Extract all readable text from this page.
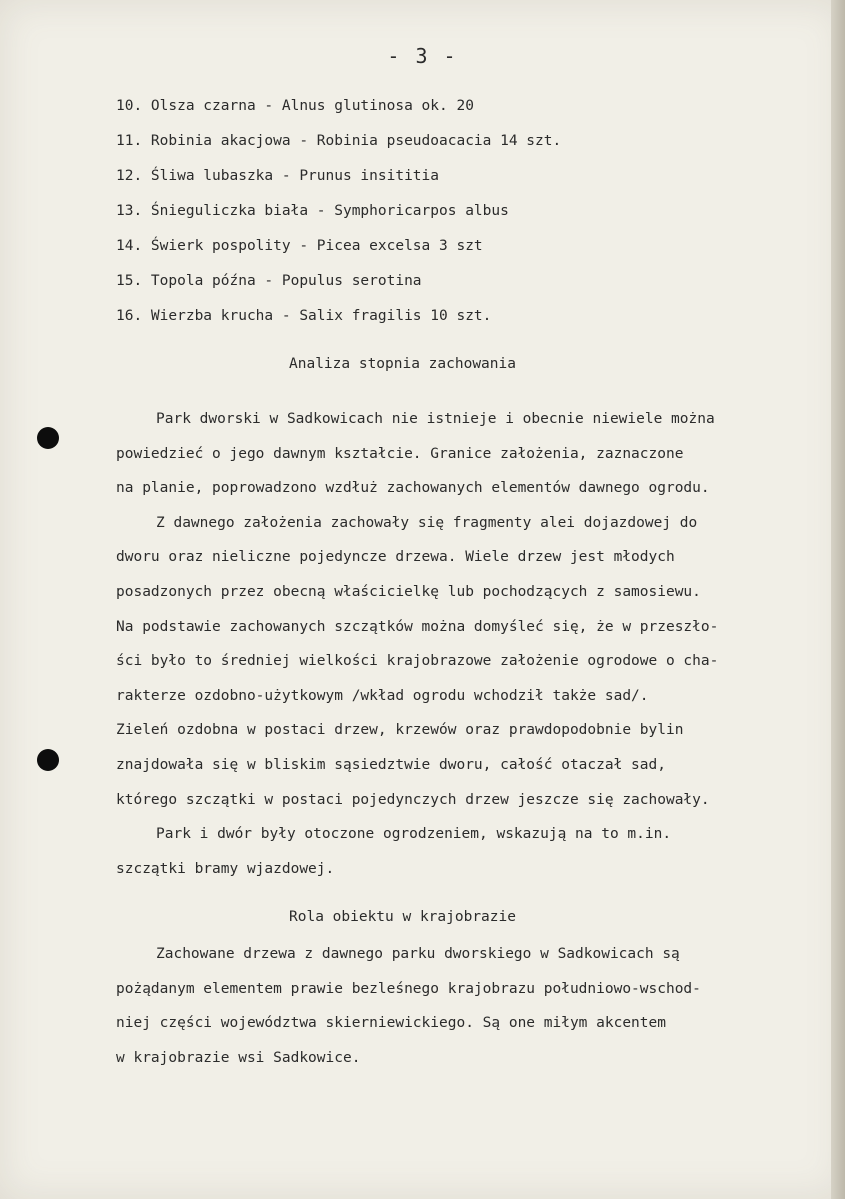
- 3 -
10. Olsza czarna - Alnus glutinosa ok. 20
11. Robinia akacjowa - Robinia pseudoacacia 14 szt.
12. Śliwa lubaszka - Prunus insititia
13. Śnieguliczka biała - Symphoricarpos albus
14. Świerk pospolity - Picea excelsa 3 szt
15. Topola późna - Populus serotina
16. Wierzba krucha - Salix fragilis 10 szt.
Analiza stopnia zachowania
Park dworski w Sadkowicach nie istnieje i obecnie niewiele można
powiedzieć o jego dawnym kształcie. Granice założenia, zaznaczone
na planie, poprowadzono wzdłuż zachowanych elementów dawnego ogrodu.
Z dawnego założenia zachowały się fragmenty alei dojazdowej do
dworu oraz nieliczne pojedyncze drzewa. Wiele drzew jest młodych
posadzonych przez obecną właścicielkę lub pochodzących z samosiewu.
Na podstawie zachowanych szczątków można domyśleć się, że w przeszło-
ści było to średniej wielkości krajobrazowe założenie ogrodowe o cha-
rakterze ozdobno-użytkowym /wkład ogrodu wchodził także sad/.
Zieleń ozdobna w postaci drzew, krzewów oraz prawdopodobnie bylin
znajdowała się w bliskim sąsiedztwie dworu, całość otaczał sad,
którego szczątki w postaci pojedynczych drzew jeszcze się zachowały.
Park i dwór były otoczone ogrodzeniem, wskazują na to m.in.
szczątki bramy wjazdowej.
Rola obiektu w krajobrazie
Zachowane drzewa z dawnego parku dworskiego w Sadkowicach są
pożądanym elementem prawie bezleśnego krajobrazu południowo-wschod-
niej części województwa skierniewickiego. Są one miłym akcentem
w krajobrazie wsi Sadkowice.
